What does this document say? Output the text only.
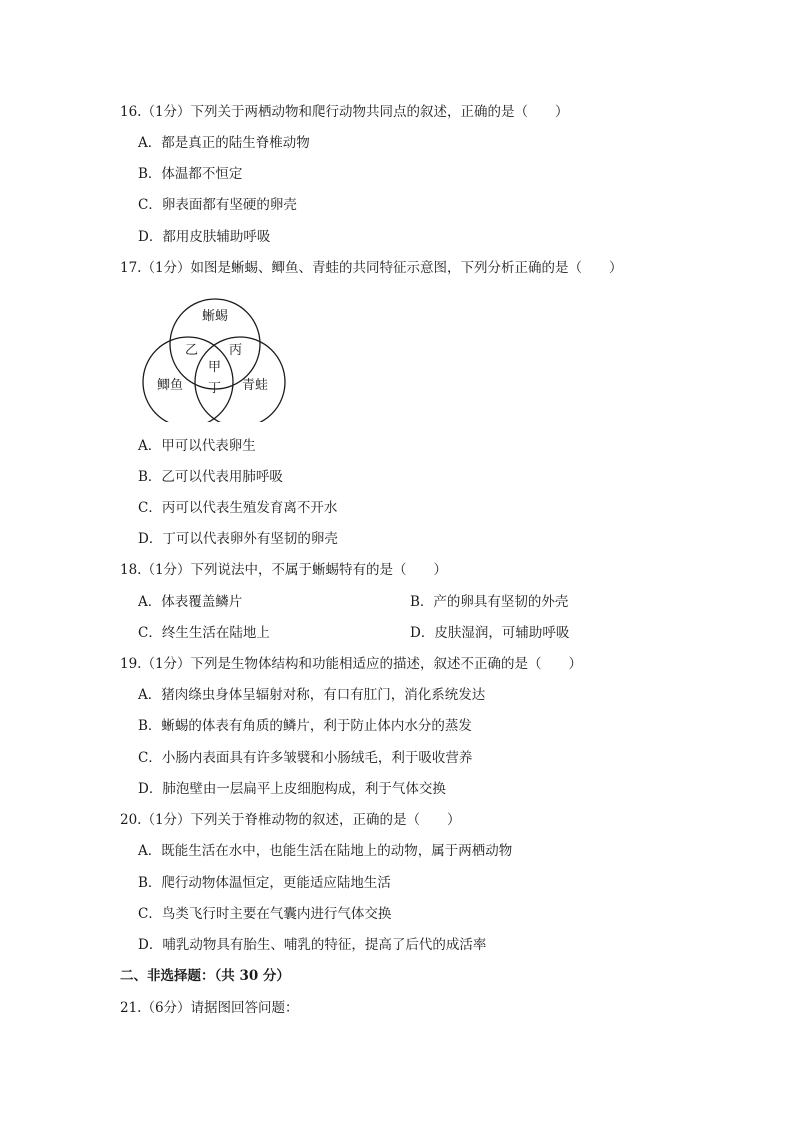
16.（1分）下列关于两栖动物和爬行动物共同点的叙述，正确的是（　　）
A．都是真正的陆生脊椎动物
B．体温都不恒定
C．卵表面都有坚硬的卵壳
D．都用皮肤辅助呼吸
17.（1分）如图是蜥蜴、鲫鱼、青蛙的共同特征示意图，下列分析正确的是（　　）
蜥蜴
鲫鱼	青蛙
乙 丙
甲
丁
A．甲可以代表卵生
B．乙可以代表用肺呼吸
C．丙可以代表生殖发育离不开水
D．丁可以代表卵外有坚韧的卵壳
18.（1分）下列说法中，不属于蜥蜴特有的是（　　）
A．体表覆盖鳞片	B．产的卵具有坚韧的外壳
C．终生生活在陆地上	D．皮肤湿润，可辅助呼吸
19.（1分）下列是生物体结构和功能相适应的描述，叙述不正确的是（　　）
A．猪肉绦虫身体呈辐射对称，有口有肛门，消化系统发达
B．蜥蜴的体表有角质的鳞片，利于防止体内水分的蒸发
C．小肠内表面具有许多皱襞和小肠绒毛，利于吸收营养
D．肺泡壁由一层扁平上皮细胞构成，利于气体交换
20.（1分）下列关于脊椎动物的叙述，正确的是（　　）
A．既能生活在水中，也能生活在陆地上的动物，属于两栖动物
B．爬行动物体温恒定，更能适应陆地生活
C．鸟类飞行时主要在气囊内进行气体交换
D．哺乳动物具有胎生、哺乳的特征，提高了后代的成活率
二、非选择题：（共 30 分）
21.（6分）请据图回答问题：
